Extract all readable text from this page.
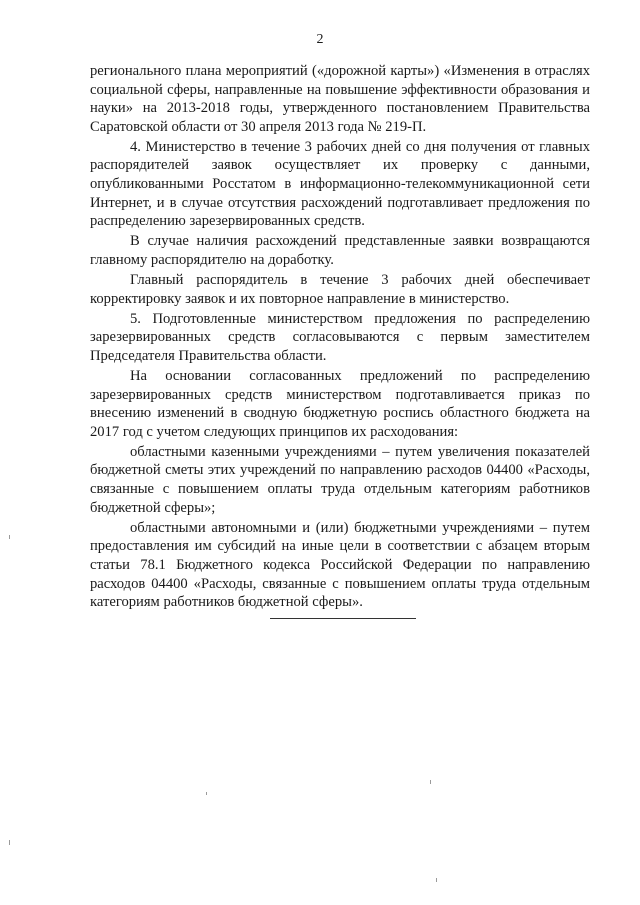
2

регионального плана мероприятий («дорожной карты») «Изменения в отраслях социальной сферы, направленные на повышение эффективности образования и науки» на 2013-2018 годы, утвержденного постановлением Правительства Саратовской области от 30 апреля 2013 года № 219-П.

4. Министерство в течение 3 рабочих дней со дня получения от главных распорядителей заявок осуществляет их проверку с данными, опубликованными Росстатом в информационно-телекоммуникационной сети Интернет, и в случае отсутствия расхождений подготавливает предложения по распределению зарезервированных средств.

В случае наличия расхождений представленные заявки возвращаются главному распорядителю на доработку.

Главный распорядитель в течение 3 рабочих дней обеспечивает корректировку заявок и их повторное направление в министерство.

5. Подготовленные министерством предложения по распределению зарезервированных средств согласовываются с первым заместителем Председателя Правительства области.

На основании согласованных предложений по распределению зарезервированных средств министерством подготавливается приказ по внесению изменений в сводную бюджетную роспись областного бюджета на 2017 год с учетом следующих принципов их расходования:

областными казенными учреждениями – путем увеличения показателей бюджетной сметы этих учреждений по направлению расходов 04400 «Расходы, связанные с повышением оплаты труда отдельным категориям работников бюджетной сферы»;

областными автономными и (или) бюджетными учреждениями – путем предоставления им субсидий на иные цели в соответствии с абзацем вторым статьи 78.1 Бюджетного кодекса Российской Федерации по направлению расходов 04400 «Расходы, связанные с повышением оплаты труда отдельным категориям работников бюджетной сферы».
